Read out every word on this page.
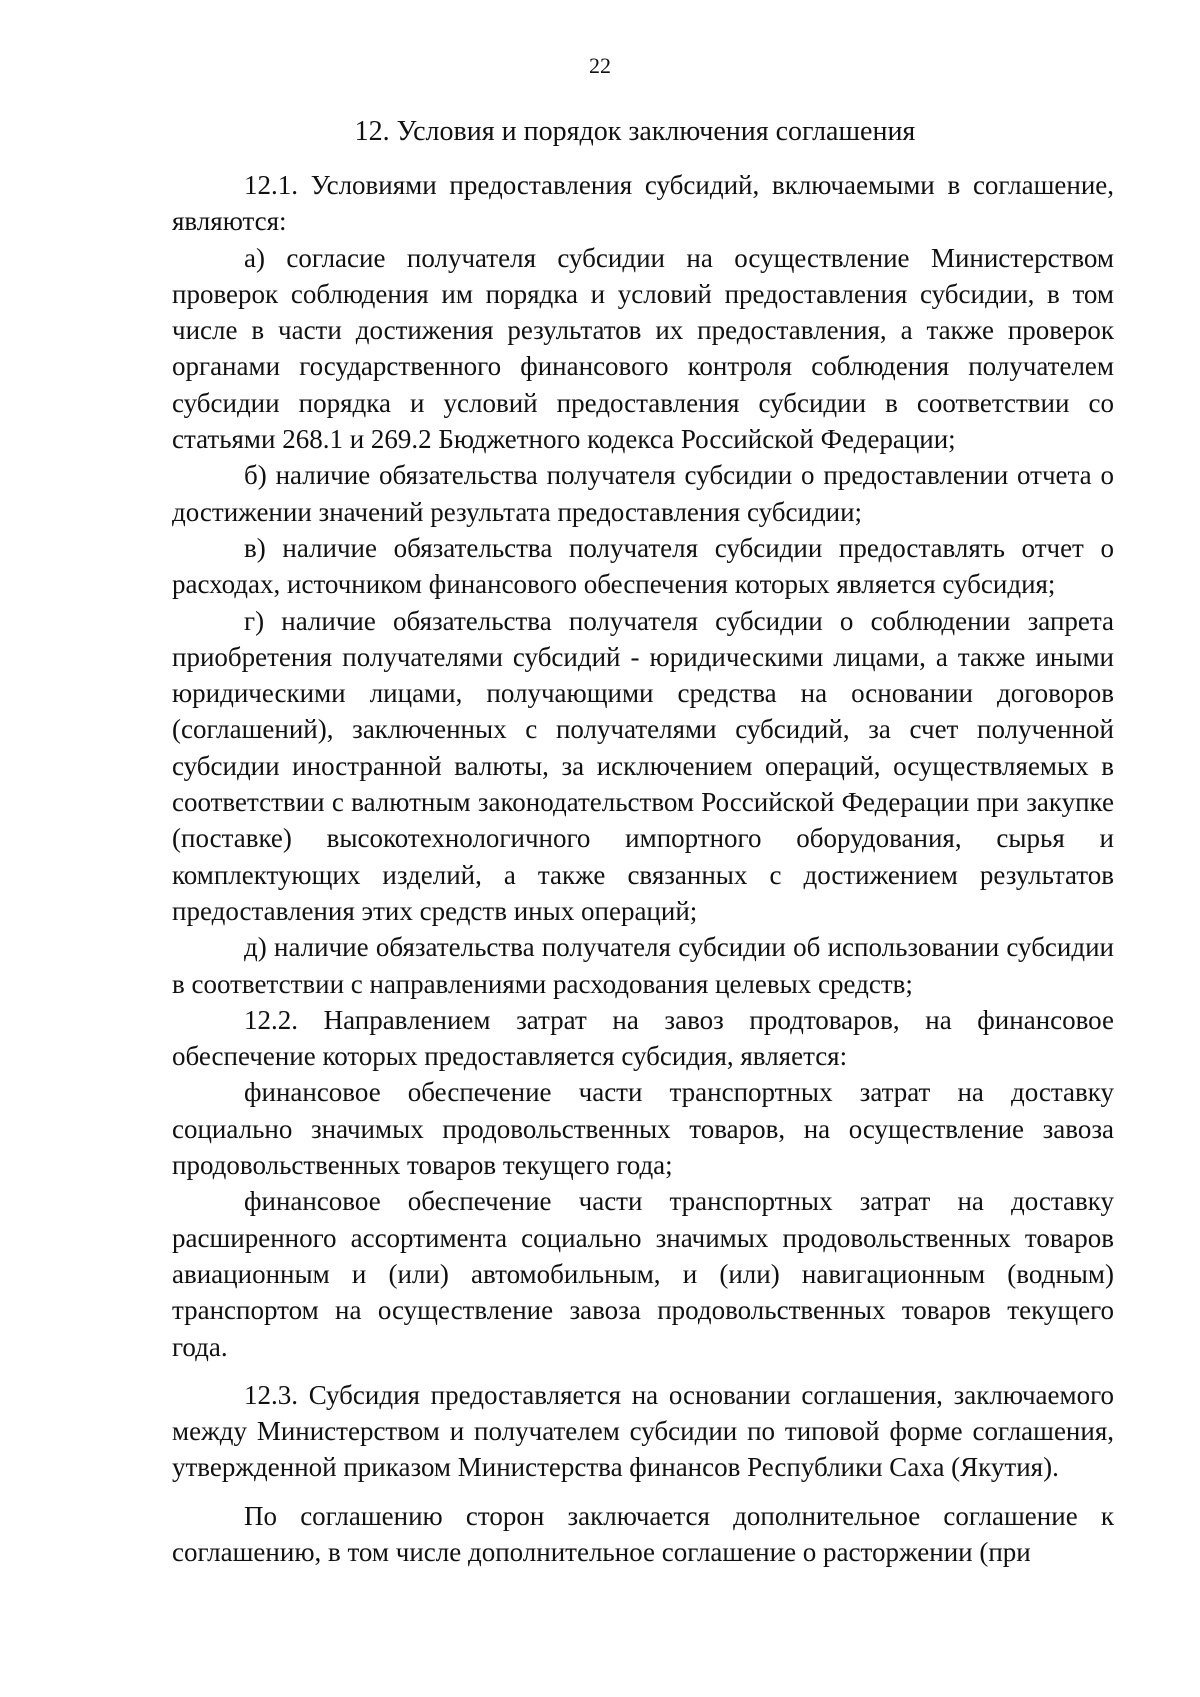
22
12. Условия и порядок заключения соглашения

12.1. Условиями предоставления субсидий, включаемыми в соглашение, являются:

а) согласие получателя субсидии на осуществление Министерством проверок соблюдения им порядка и условий предоставления субсидии, в том числе в части достижения результатов их предоставления, а также проверок органами государственного финансового контроля соблюдения получателем субсидии порядка и условий предоставления субсидии в соответствии со статьями 268.1 и 269.2 Бюджетного кодекса Российской Федерации;

б) наличие обязательства получателя субсидии о предоставлении отчета о достижении значений результата предоставления субсидии;

в) наличие обязательства получателя субсидии предоставлять отчет о расходах, источником финансового обеспечения которых является субсидия;

г) наличие обязательства получателя субсидии о соблюдении запрета приобретения получателями субсидий - юридическими лицами, а также иными юридическими лицами, получающими средства на основании договоров (соглашений), заключенных с получателями субсидий, за счет полученной субсидии иностранной валюты, за исключением операций, осуществляемых в соответствии с валютным законодательством Российской Федерации при закупке (поставке) высокотехнологичного импортного оборудования, сырья и комплектующих изделий, а также связанных с достижением результатов предоставления этих средств иных операций;

д) наличие обязательства получателя субсидии об использовании субсидии в соответствии с направлениями расходования целевых средств;

12.2. Направлением затрат на завоз продтоваров, на финансовое обеспечение которых предоставляется субсидия, является:

финансовое обеспечение части транспортных затрат на доставку социально значимых продовольственных товаров, на осуществление завоза продовольственных товаров текущего года;

финансовое обеспечение части транспортных затрат на доставку расширенного ассортимента социально значимых продовольственных товаров авиационным и (или) автомобильным, и (или) навигационным (водным) транспортом на осуществление завоза продовольственных товаров текущего года.

12.3. Субсидия предоставляется на основании соглашения, заключаемого между Министерством и получателем субсидии по типовой форме соглашения, утвержденной приказом Министерства финансов Республики Саха (Якутия).

По соглашению сторон заключается дополнительное соглашение к соглашению, в том числе дополнительное соглашение о расторжении (при
